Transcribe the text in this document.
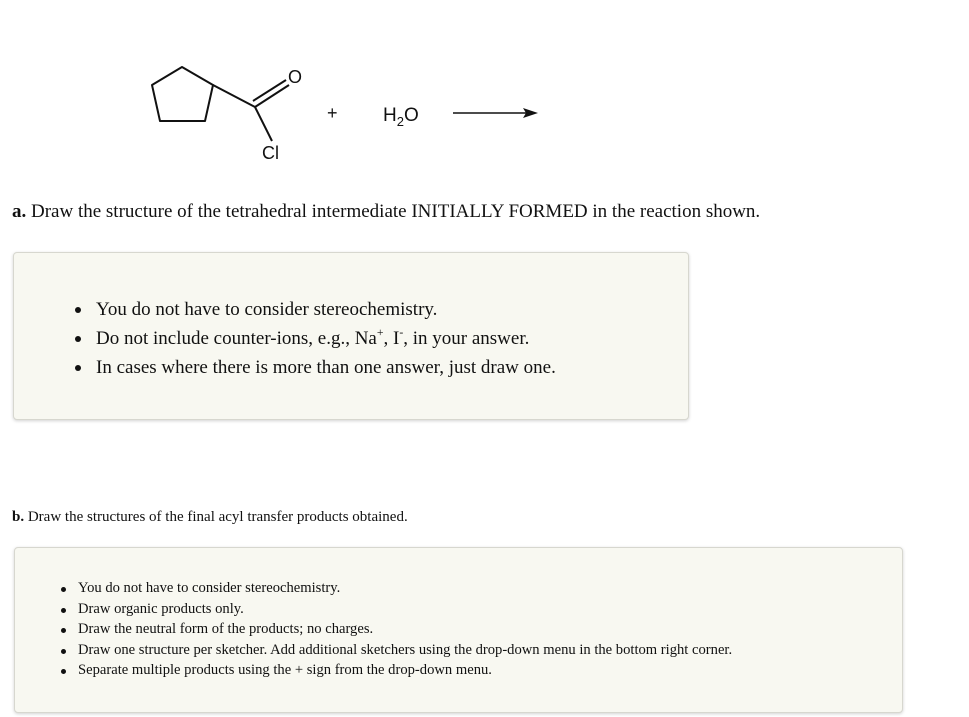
O
Cl
+ $H_2O$

a. Draw the structure of the tetrahedral intermediate INITIALLY FORMED in the reaction shown.

You do not have to consider stereochemistry.
Do not include counter-ions, e.g., Na+, I-, in your answer.
In cases where there is more than one answer, just draw one.

b. Draw the structures of the final acyl transfer products obtained.

You do not have to consider stereochemistry.
Draw organic products only.
Draw the neutral form of the products; no charges.
Draw one structure per sketcher. Add additional sketchers using the drop-down menu in the bottom right corner.
Separate multiple products using the + sign from the drop-down menu.
